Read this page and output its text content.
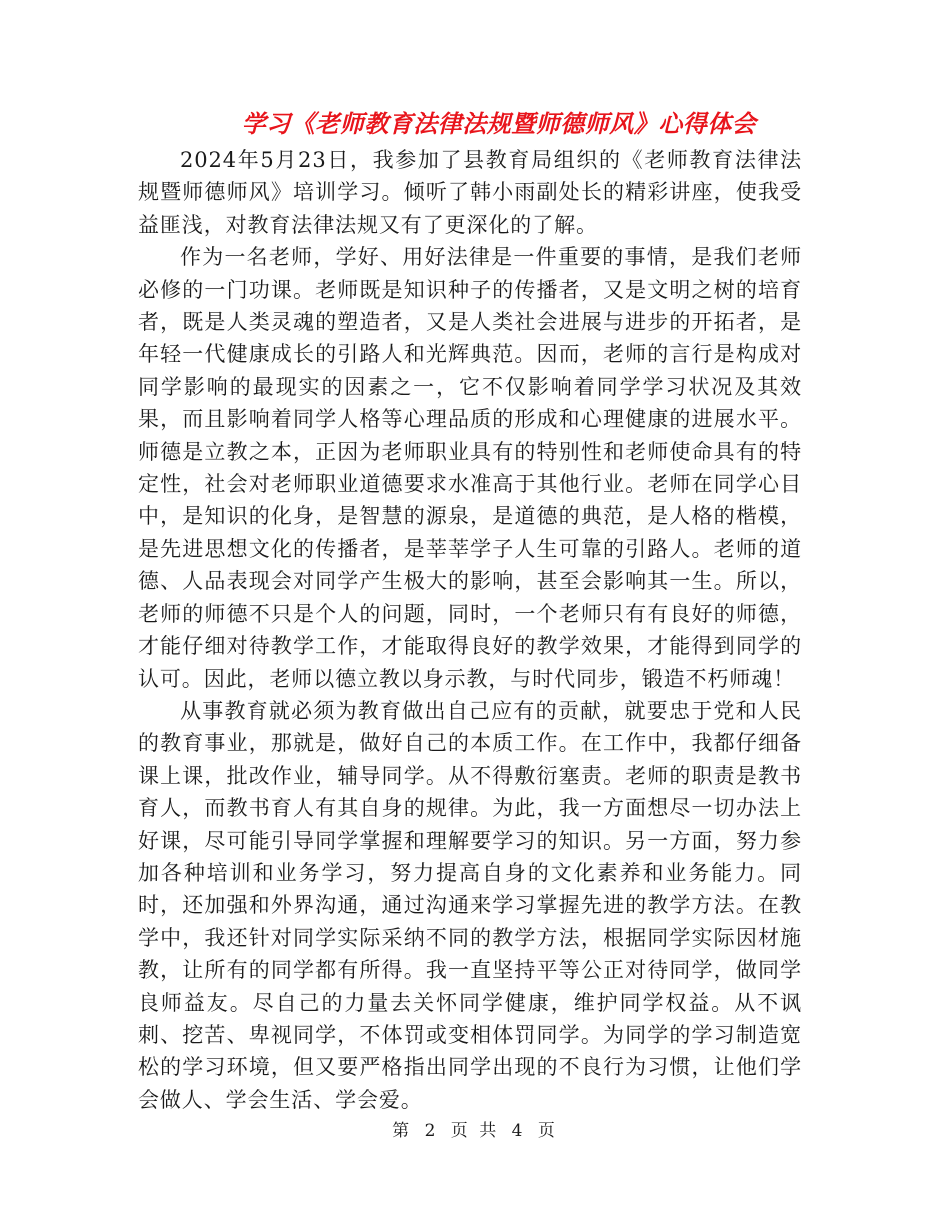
学习《老师教育法律法规暨师德师风》心得体会

2024年5月23日，我参加了县教育局组织的《老师教育法律法规暨师德师风》培训学习。倾听了韩小雨副处长的精彩讲座，使我受益匪浅，对教育法律法规又有了更深化的了解。

作为一名老师，学好、用好法律是一件重要的事情，是我们老师必修的一门功课。老师既是知识种子的传播者，又是文明之树的培育者，既是人类灵魂的塑造者，又是人类社会进展与进步的开拓者，是年轻一代健康成长的引路人和光辉典范。因而，老师的言行是构成对同学影响的最现实的因素之一，它不仅影响着同学学习状况及其效果，而且影响着同学人格等心理品质的形成和心理健康的进展水平。师德是立教之本，正因为老师职业具有的特别性和老师使命具有的特定性，社会对老师职业道德要求水准高于其他行业。老师在同学心目中，是知识的化身，是智慧的源泉，是道德的典范，是人格的楷模，是先进思想文化的传播者，是莘莘学子人生可靠的引路人。老师的道德、人品表现会对同学产生极大的影响，甚至会影响其一生。所以，老师的师德不只是个人的问题，同时，一个老师只有有良好的师德，才能仔细对待教学工作，才能取得良好的教学效果，才能得到同学的认可。因此，老师以德立教以身示教，与时代同步，锻造不朽师魂！

从事教育就必须为教育做出自己应有的贡献，就要忠于党和人民的教育事业，那就是，做好自己的本质工作。在工作中，我都仔细备课上课，批改作业，辅导同学。从不得敷衍塞责。老师的职责是教书育人，而教书育人有其自身的规律。为此，我一方面想尽一切办法上好课，尽可能引导同学掌握和理解要学习的知识。另一方面，努力参加各种培训和业务学习，努力提高自身的文化素养和业务能力。同时，还加强和外界沟通，通过沟通来学习掌握先进的教学方法。在教学中，我还针对同学实际采纳不同的教学方法，根据同学实际因材施教，让所有的同学都有所得。我一直坚持平等公正对待同学，做同学良师益友。尽自己的力量去关怀同学健康，维护同学权益。从不讽刺、挖苦、卑视同学，不体罚或变相体罚同学。为同学的学习制造宽松的学习环境，但又要严格指出同学出现的不良行为习惯，让他们学会做人、学会生活、学会爱。

第 2 页 共 4 页
